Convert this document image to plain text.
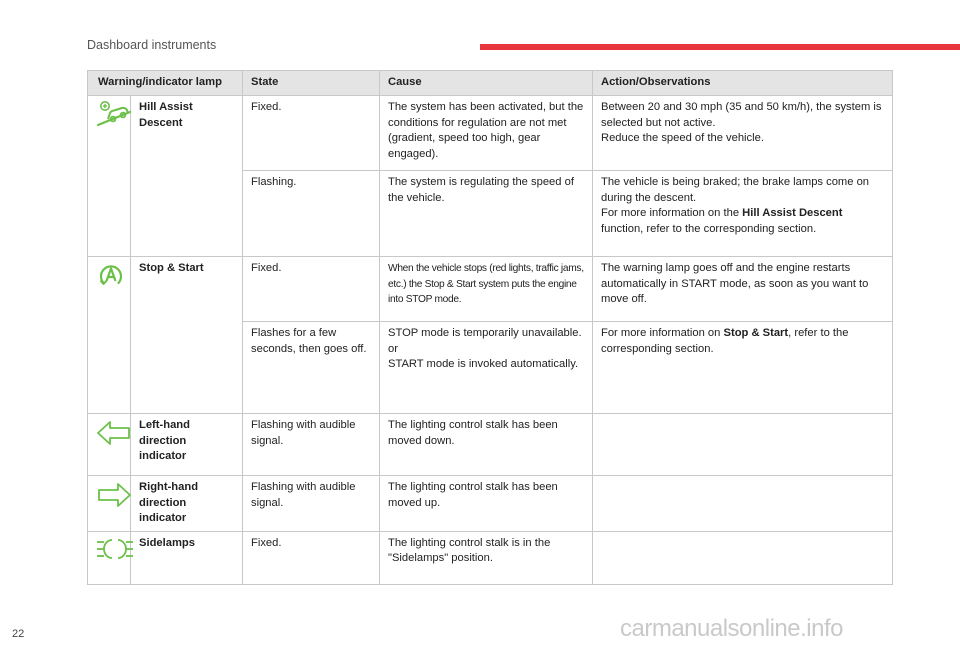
Dashboard instruments
Warning/indicator lamp		State	Cause	Action/Observations

	Hill Assist Descent	Fixed.	The system has been activated, but the conditions for regulation are not met (gradient, speed too high, gear engaged).	Between 20 and 30 mph (35 and 50 km/h), the system is selected but not active.
Reduce the speed of the vehicle.

		Flashing.	The system is regulating the speed of the vehicle.	The vehicle is being braked; the brake lamps come on during the descent.
For more information on the Hill Assist Descent function, refer to the corresponding section.

	Stop & Start	Fixed.	When the vehicle stops (red lights, traffic jams, etc.) the Stop & Start system puts the engine into STOP mode.	The warning lamp goes off and the engine restarts automatically in START mode, as soon as you want to move off.
		Flashes for a few seconds, then goes off.	STOP mode is temporarily unavailable.
or
START mode is invoked automatically.	For more information on Stop & Start, refer to the corresponding section.

	Left-hand direction indicator	Flashing with audible signal.	The lighting control stalk has been moved down.	

	Right-hand direction indicator	Flashing with audible signal.	The lighting control stalk has been moved up.	

	Sidelamps	Fixed.	The lighting control stalk is in the "Sidelamps" position.	
22	carmanualsonline.info
